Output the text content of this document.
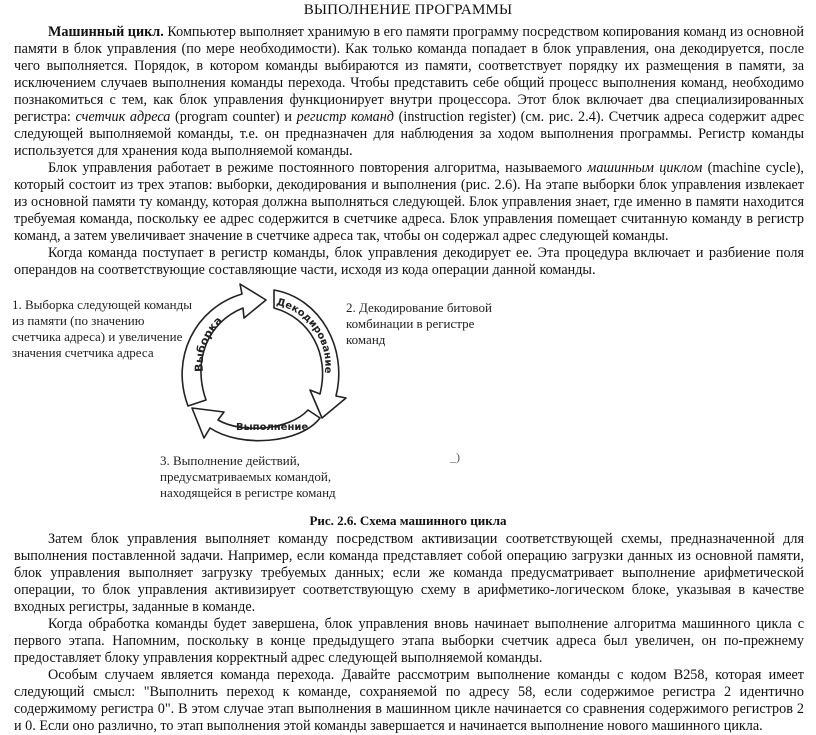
ВЫПОЛНЕНИЕ ПРОГРАММЫ

Машинный цикл. Компьютер выполняет хранимую в его памяти программу посредством копирования команд из основной памяти в блок управления (по мере необходимости). Как только команда попадает в блок управления, она декодируется, после чего выполняется. Порядок, в котором команды выбираются из памяти, соответствует порядку их размещения в памяти, за исключением случаев выполнения команды перехода. Чтобы представить себе общий процесс выполнения команд, необходимо познакомиться с тем, как блок управления функционирует внутри процессора. Этот блок включает два специализированных регистра: счетчик адреса (program counter) и регистр команд (instruction register) (см. рис. 2.4). Счетчик адреса содержит адрес следующей выполняемой команды, т.е. он предназначен для наблюдения за ходом выполнения программы. Регистр команды используется для хранения кода выполняемой команды.

Блок управления работает в режиме постоянного повторения алгоритма, называемого машинным циклом (machine cycle), который состоит из трех этапов: выборки, декодирования и выполнения (рис. 2.6). На этапе выборки блок управления извлекает из основной памяти ту команду, которая должна выполняться следующей. Блок управления знает, где именно в памяти находится требуемая команда, поскольку ее адрес содержится в счетчике адреса. Блок управления помещает считанную команду в регистр команд, а затем увеличивает значение в счетчике адреса так, чтобы он содержал адрес следующей команды.

Когда команда поступает в регистр команды, блок управления декодирует ее. Эта процедура включает и разбиение поля операндов на соответствующие составляющие части, исходя из кода операции данной команды.

1. Выборка следующей команды из памяти (по значению счетчика адреса) и увеличение значения счетчика адреса
2. Декодирование битовой комбинации в регистре команд
3. Выполнение действий, предусматриваемых командой, находящейся в регистре команд
_)
Выборка
Декодирование
Выполнение
Рис. 2.6. Схема машинного цикла

Затем блок управления выполняет команду посредством активизации соответствующей схемы, предназначенной для выполнения поставленной задачи. Например, если команда представляет собой операцию загрузки данных из основной памяти, блок управления выполняет загрузку требуемых данных; если же команда предусматривает выполнение арифметической операции, то блок управления активизирует соответствующую схему в арифметико-логическом блоке, указывая в качестве входных регистры, заданные в команде.

Когда обработка команды будет завершена, блок управления вновь начинает выполнение алгоритма машинного цикла с первого этапа. Напомним, поскольку в конце предыдущего этапа выборки счетчик адреса был увеличен, он по-прежнему предоставляет блоку управления корректный адрес следующей выполняемой команды.

Особым случаем является команда перехода. Давайте рассмотрим выполнение команды с кодом B258, которая имеет следующий смысл: "Выполнить переход к команде, сохраняемой по адресу 58, если содержимое регистра 2 идентично содержимому регистра 0". В этом случае этап выполнения в машинном цикле начинается со сравнения содержимого регистров 2 и 0. Если оно различно, то этап выполнения этой команды завершается и начинается выполнение нового машинного цикла.
